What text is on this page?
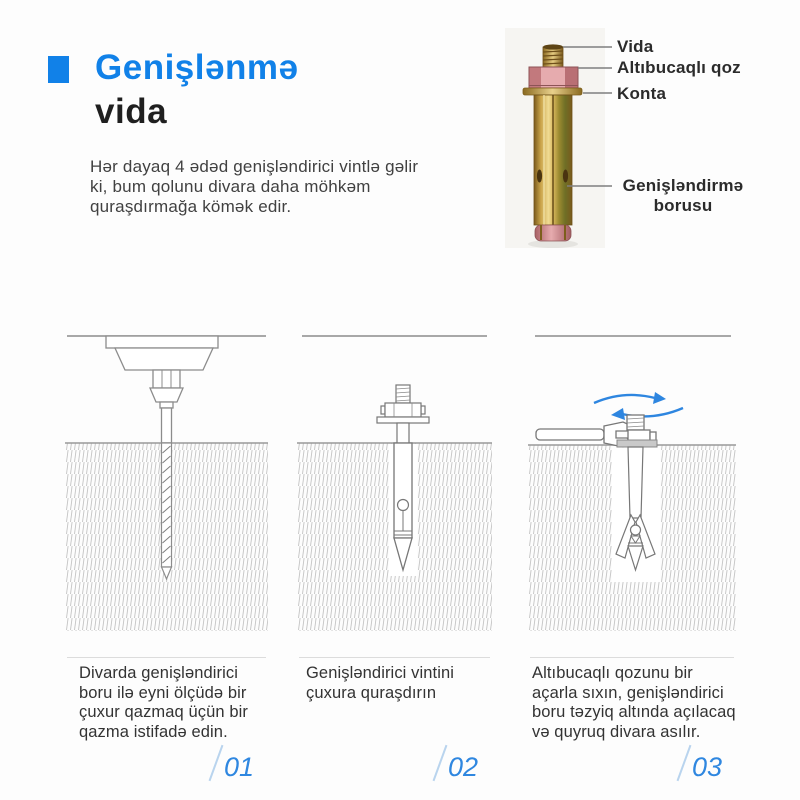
Genişlənmə
vida
Hər dayaq 4 ədəd genişləndirici vintlə gəlir ki, bum qolunu divara daha möhkəm quraşdırmağa kömək edir.
Vida
Altıbucaqlı qoz
Konta
Genişləndirmə borusu
Divarda genişləndirici boru ilə eyni ölçüdə bir çuxur qazmaq üçün bir qazma istifadə edin.
01
Genişləndirici vintini çuxura quraşdırın
02
Altıbucaqlı qozunu bir açarla sıxın, genişləndirici boru təzyiq altında açılacaq və quyruq divara asılır.
03
